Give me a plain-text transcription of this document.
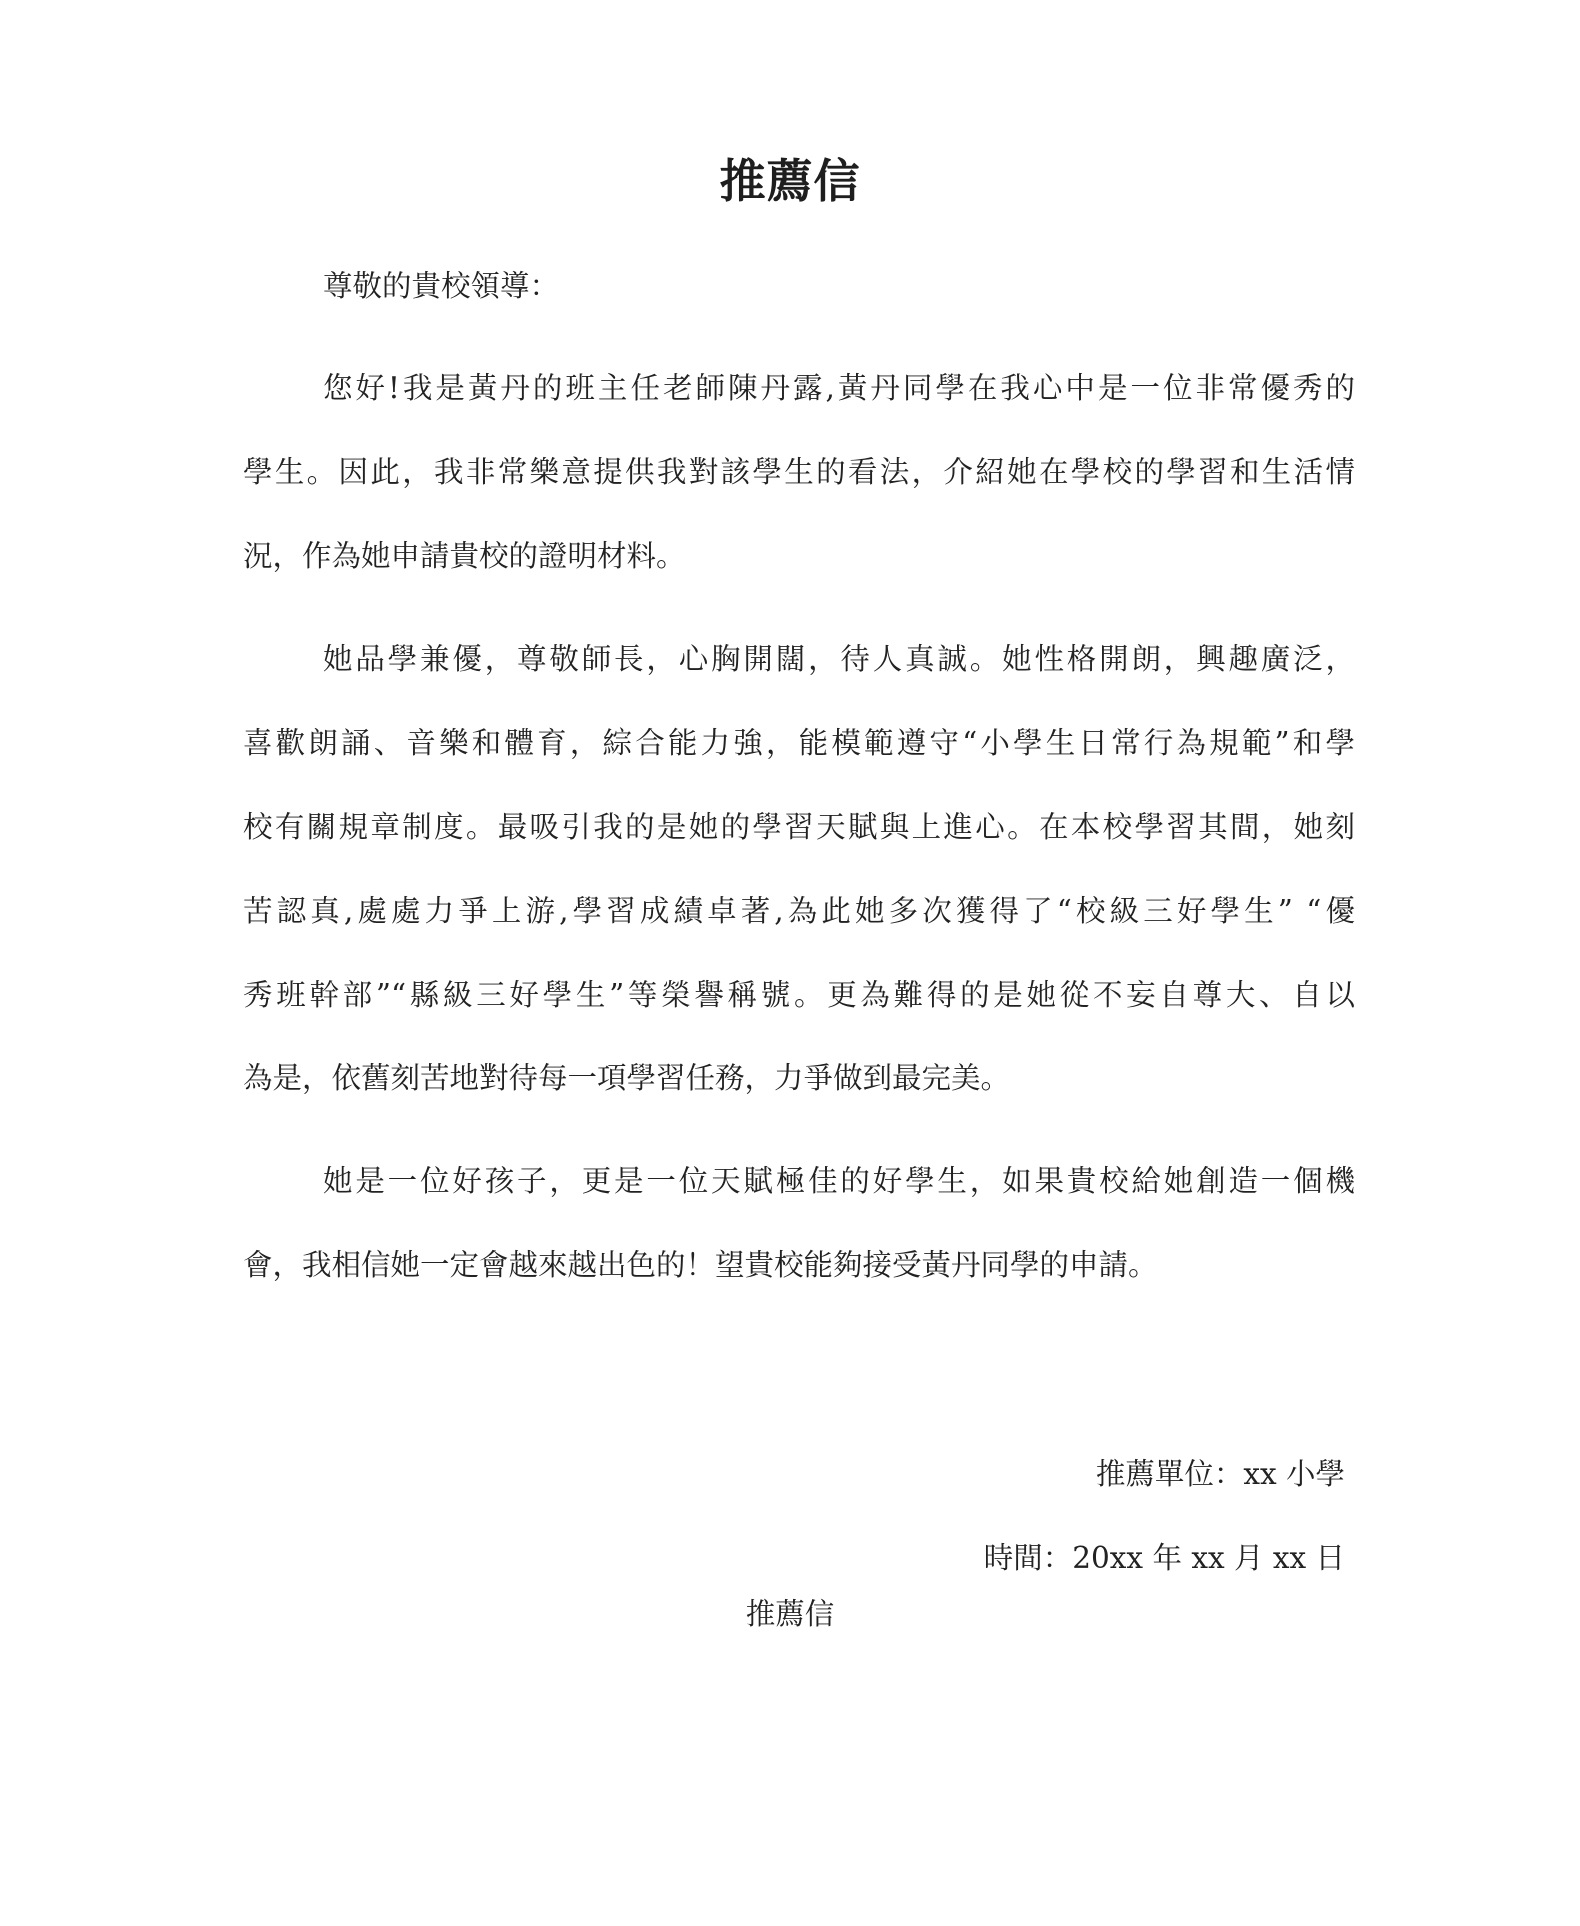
推薦信
尊敬的貴校領導：
您好!我是黃丹的班主任老師陳丹露,黃丹同學在我心中是一位非常優秀的
學生。因此，我非常樂意提供我對該學生的看法，介紹她在學校的學習和生活情
況，作為她申請貴校的證明材料。
她品學兼優，尊敬師長，心胸開闊，待人真誠。她性格開朗，興趣廣泛，
喜歡朗誦、音樂和體育，綜合能力強，能模範遵守“小學生日常行為規範”和學
校有關規章制度。最吸引我的是她的學習天賦與上進心。在本校學習其間，她刻
苦認真,處處力爭上游,學習成績卓著,為此她多次獲得了“校級三好學生” “優
秀班幹部”“縣級三好學生”等榮譽稱號。更為難得的是她從不妄自尊大、自以
為是，依舊刻苦地對待每一項學習任務，力爭做到最完美。
她是一位好孩子，更是一位天賦極佳的好學生，如果貴校給她創造一個機
會，我相信她一定會越來越出色的！望貴校能夠接受黃丹同學的申請。
推薦單位：xx 小學
時間：20xx 年 xx 月 xx 日
推薦信
